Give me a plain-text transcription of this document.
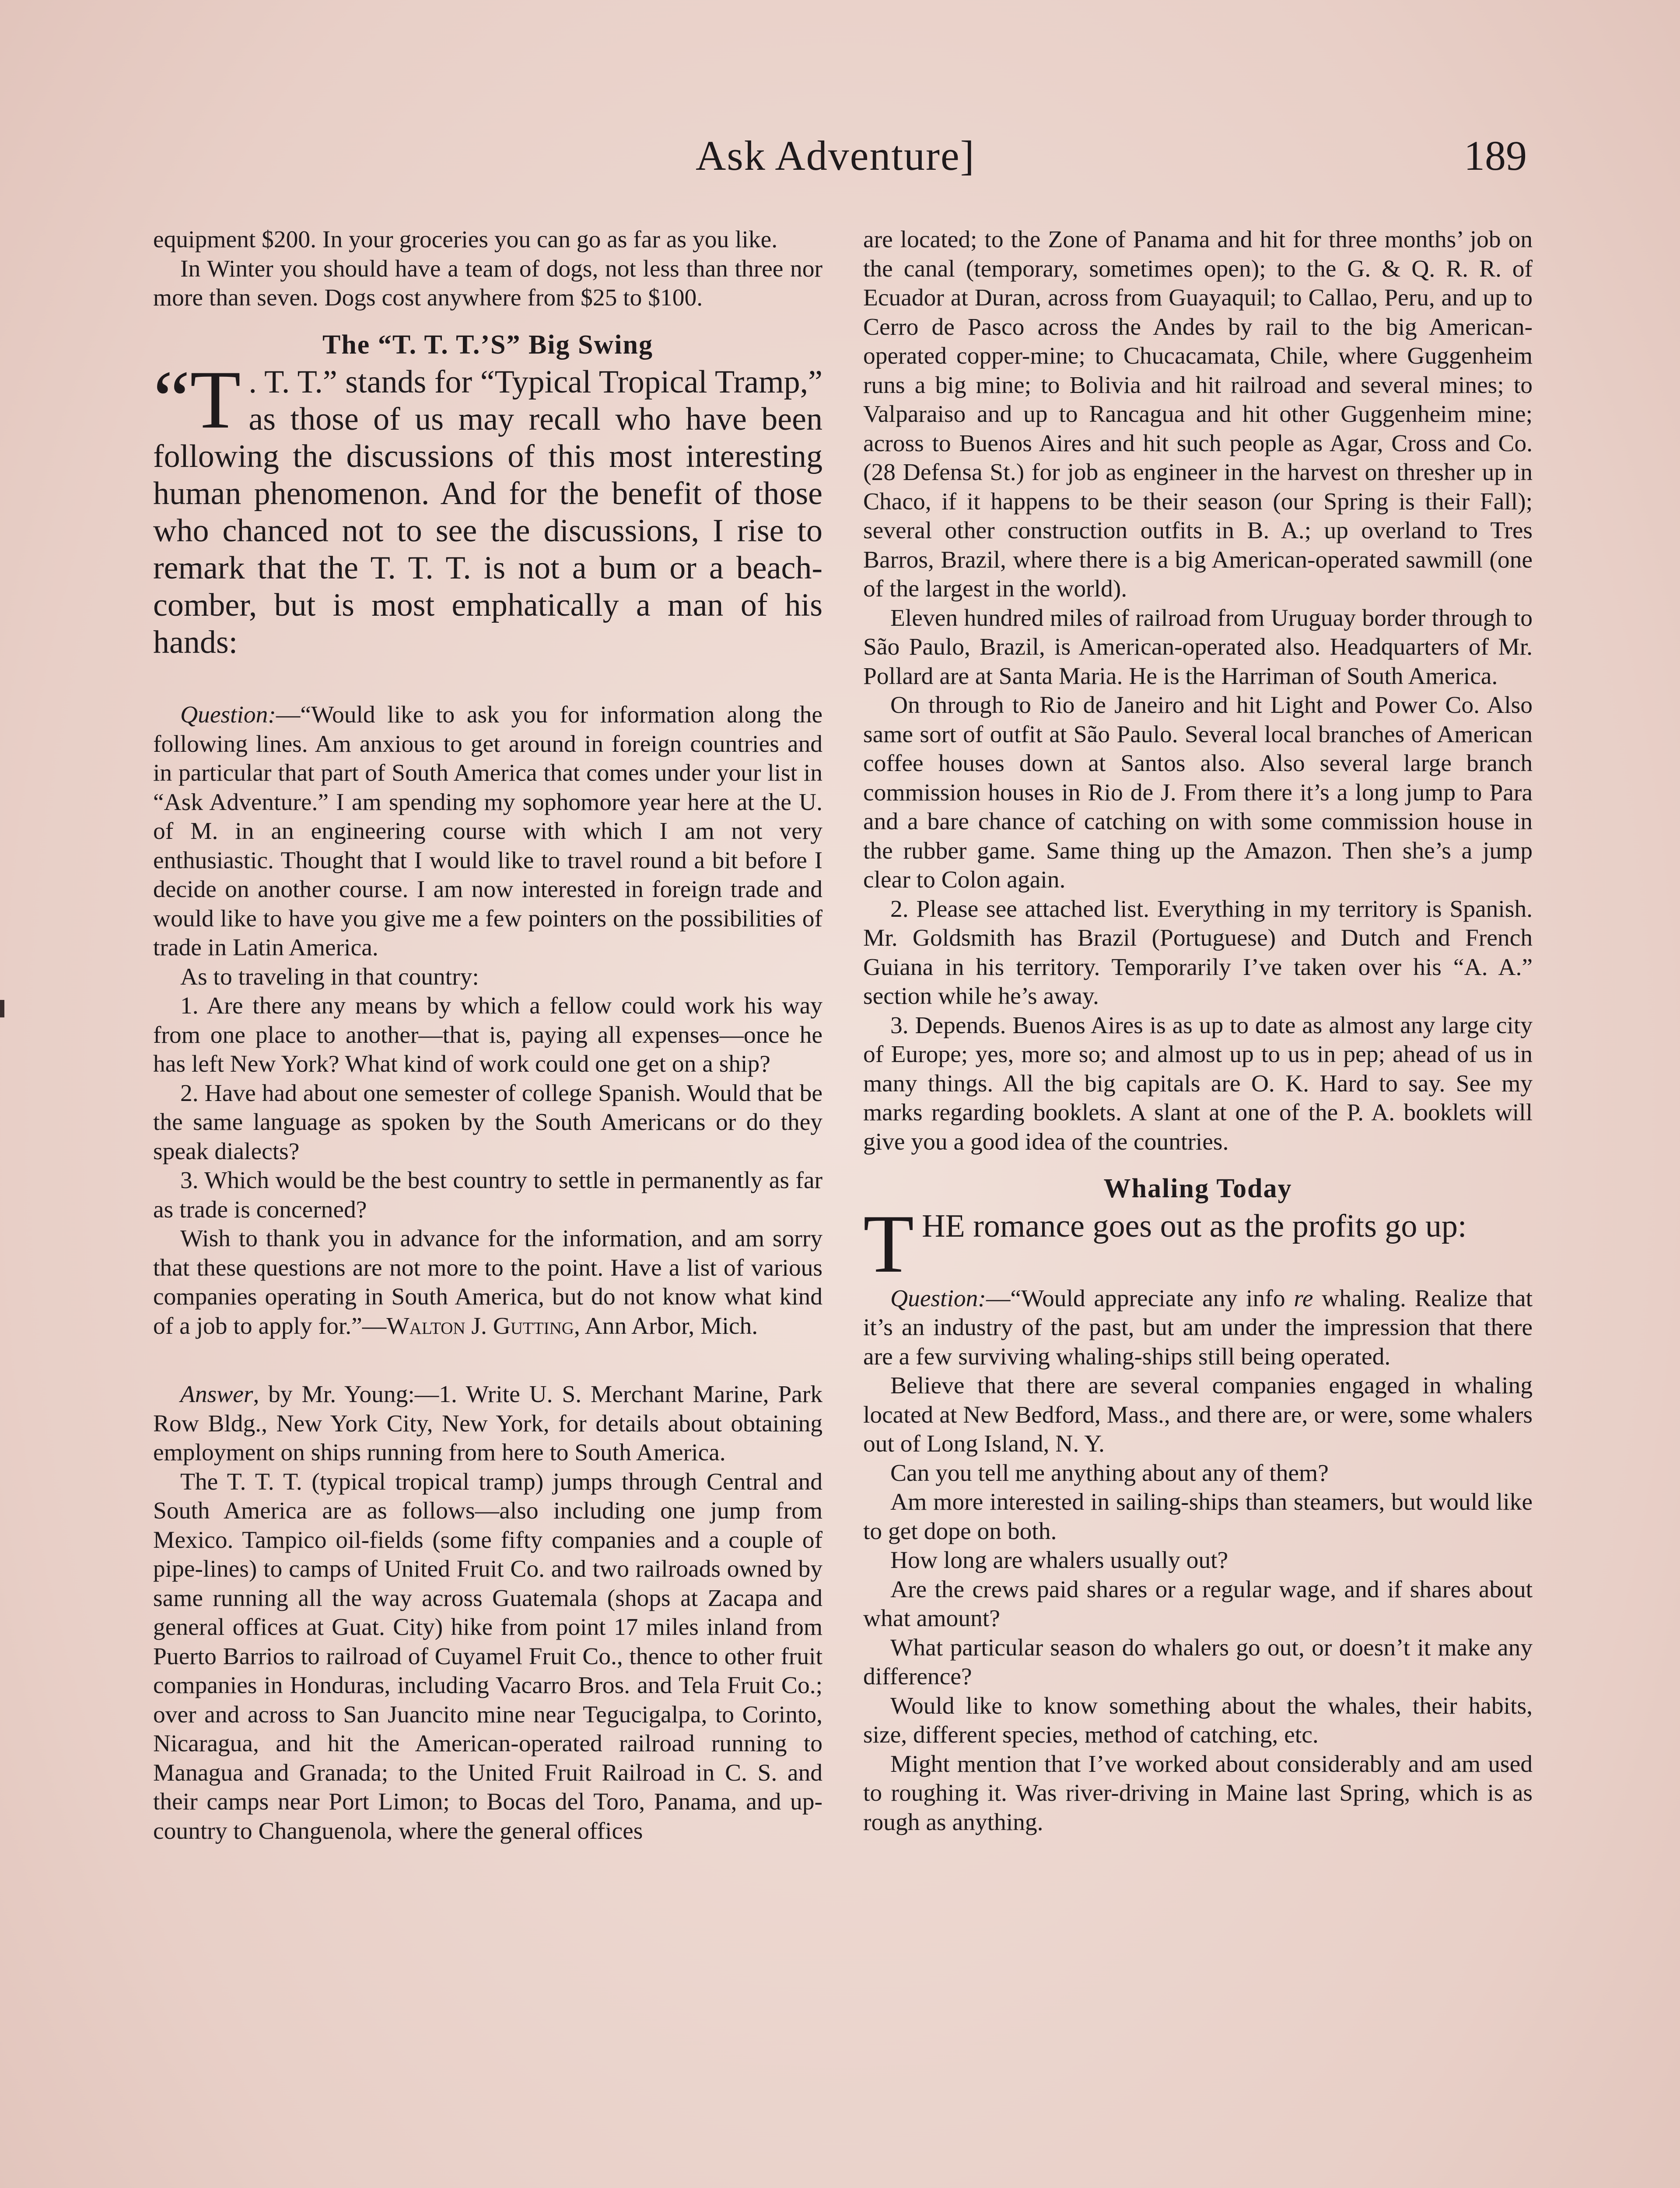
Ask Adventure]	189

equipment $200. In your groceries you can go as far as you like.

In Winter you should have a team of dogs, not less than three nor more than seven. Dogs cost anywhere from $25 to $100.

The “T. T. T.’S” Big Swing

“T . T. T.” stands for “Typical Tropical Tramp,” as those of us may recall who have been following the discussions of this most interesting human phenomenon. And for the benefit of those who chanced not to see the discussions, I rise to remark that the T. T. T. is not a bum or a beach-comber, but is most emphatically a man of his hands:

Question:—“Would like to ask you for information along the following lines. Am anxious to get around in foreign countries and in particular that part of South America that comes under your list in “Ask Adventure.” I am spending my sophomore year here at the U. of M. in an engineering course with which I am not very enthusiastic. Thought that I would like to travel round a bit before I decide on another course. I am now interested in foreign trade and would like to have you give me a few pointers on the possibilities of trade in Latin America.

As to traveling in that country:

1. Are there any means by which a fellow could work his way from one place to another—that is, paying all expenses—once he has left New York? What kind of work could one get on a ship?

2. Have had about one semester of college Spanish. Would that be the same language as spoken by the South Americans or do they speak dialects?

3. Which would be the best country to settle in permanently as far as trade is concerned?

Wish to thank you in advance for the information, and am sorry that these questions are not more to the point. Have a list of various companies operating in South America, but do not know what kind of a job to apply for.”—Walton J. Gutting, Ann Arbor, Mich.

Answer, by Mr. Young:—1. Write U. S. Merchant Marine, Park Row Bldg., New York City, New York, for details about obtaining employment on ships running from here to South America.

The T. T. T. (typical tropical tramp) jumps through Central and South America are as follows—also including one jump from Mexico. Tampico oil-fields (some fifty companies and a couple of pipe-lines) to camps of United Fruit Co. and two railroads owned by same running all the way across Guatemala (shops at Zacapa and general offices at Guat. City) hike from point 17 miles inland from Puerto Barrios to railroad of Cuyamel Fruit Co., thence to other fruit companies in Honduras, including Vacarro Bros. and Tela Fruit Co.; over and across to San Juancito mine near Tegucigalpa, to Corinto, Nicaragua, and hit the American-operated railroad running to Managua and Granada; to the United Fruit Railroad in C. S. and their camps near Port Limon; to Bocas del Toro, Panama, and up-country to Changuenola, where the general offices

are located; to the Zone of Panama and hit for three months’ job on the canal (temporary, sometimes open); to the G. & Q. R. R. of Ecuador at Duran, across from Guayaquil; to Callao, Peru, and up to Cerro de Pasco across the Andes by rail to the big American-operated copper-mine; to Chucacamata, Chile, where Guggenheim runs a big mine; to Bolivia and hit railroad and several mines; to Valparaiso and up to Rancagua and hit other Guggenheim mine; across to Buenos Aires and hit such people as Agar, Cross and Co. (28 Defensa St.) for job as engineer in the harvest on thresher up in Chaco, if it happens to be their season (our Spring is their Fall); several other construction outfits in B. A.; up overland to Tres Barros, Brazil, where there is a big American-operated sawmill (one of the largest in the world).

Eleven hundred miles of railroad from Uruguay border through to São Paulo, Brazil, is American-operated also. Headquarters of Mr. Pollard are at Santa Maria. He is the Harriman of South America.

On through to Rio de Janeiro and hit Light and Power Co. Also same sort of outfit at São Paulo. Several local branches of American coffee houses down at Santos also. Also several large branch commission houses in Rio de J. From there it’s a long jump to Para and a bare chance of catching on with some commission house in the rubber game. Same thing up the Amazon. Then she’s a jump clear to Colon again.

2. Please see attached list. Everything in my territory is Spanish. Mr. Goldsmith has Brazil (Portuguese) and Dutch and French Guiana in his territory. Temporarily I’ve taken over his “A. A.” section while he’s away.

3. Depends. Buenos Aires is as up to date as almost any large city of Europe; yes, more so; and almost up to us in pep; ahead of us in many things. All the big capitals are O. K. Hard to say. See my marks regarding booklets. A slant at one of the P. A. booklets will give you a good idea of the countries.

Whaling Today

THE romance goes out as the profits go up:

Question:—“Would appreciate any info re whaling. Realize that it’s an industry of the past, but am under the impression that there are a few surviving whaling-ships still being operated.

Believe that there are several companies engaged in whaling located at New Bedford, Mass., and there are, or were, some whalers out of Long Island, N. Y.

Can you tell me anything about any of them?

Am more interested in sailing-ships than steamers, but would like to get dope on both.

How long are whalers usually out?

Are the crews paid shares or a regular wage, and if shares about what amount?

What particular season do whalers go out, or doesn’t it make any difference?

Would like to know something about the whales, their habits, size, different species, method of catching, etc.

Might mention that I’ve worked about considerably and am used to roughing it. Was river-driving in Maine last Spring, which is as rough as anything.
